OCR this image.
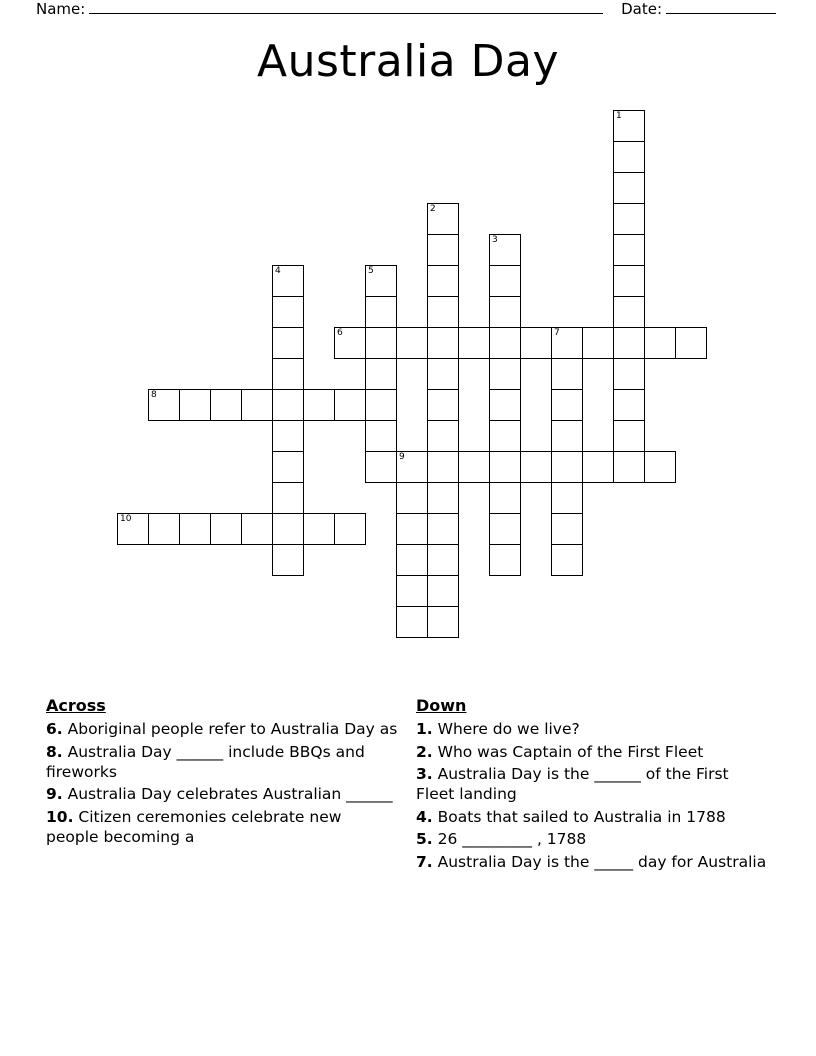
Name:	Date:
Australia Day
1
2
3
4	5
6	7
8
9
10
Across
6. Aboriginal people refer to Australia Day as
8. Australia Day ______ include BBQs and fireworks
9. Australia Day celebrates Australian ______
10. Citizen ceremonies celebrate new people becoming a
Down
1. Where do we live?
2. Who was Captain of the First Fleet
3. Australia Day is the ______ of the First Fleet landing
4. Boats that sailed to Australia in 1788
5. 26 _________ , 1788
7. Australia Day is the _____ day for Australia
